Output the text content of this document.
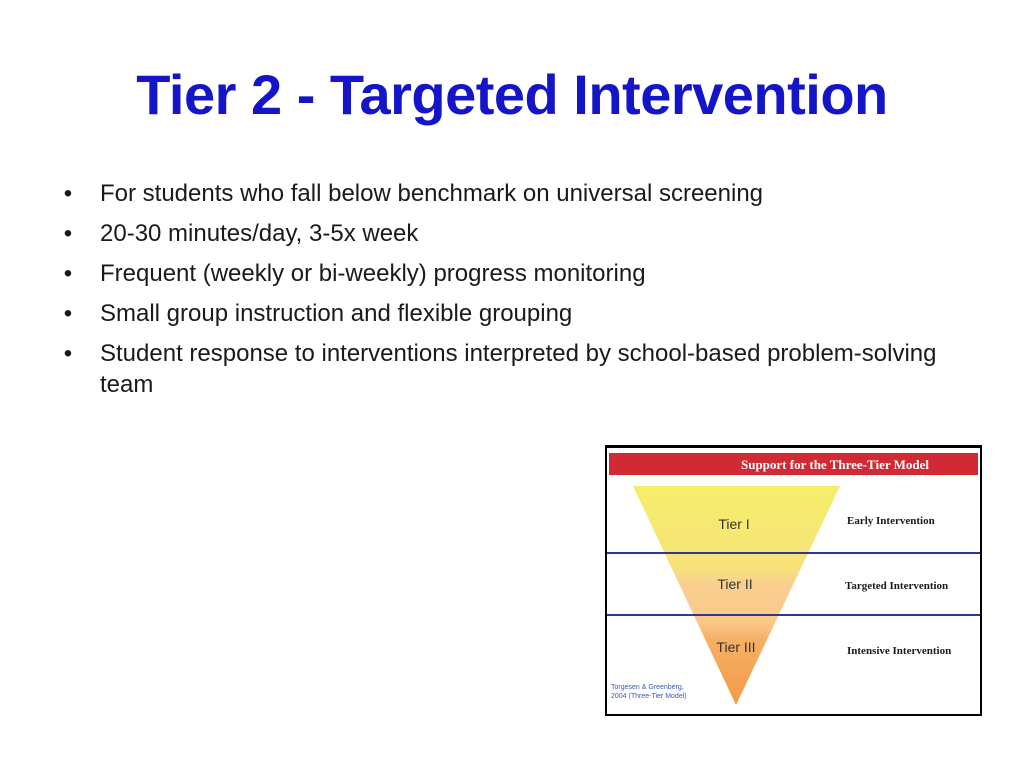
Tier 2 - Targeted Intervention
• For students who fall below benchmark on universal screening
• 20-30 minutes/day, 3-5x week
• Frequent (weekly or bi-weekly) progress monitoring
• Small group instruction and flexible grouping
• Student response to interventions interpreted by school-based problem-solving team
Support for the Three-Tier Model
Tier I
Tier II
Tier III
Early Intervention
Targeted Intervention
Intensive Intervention
Torgesen & Greenberg,
2004 (Three-Tier Model)
